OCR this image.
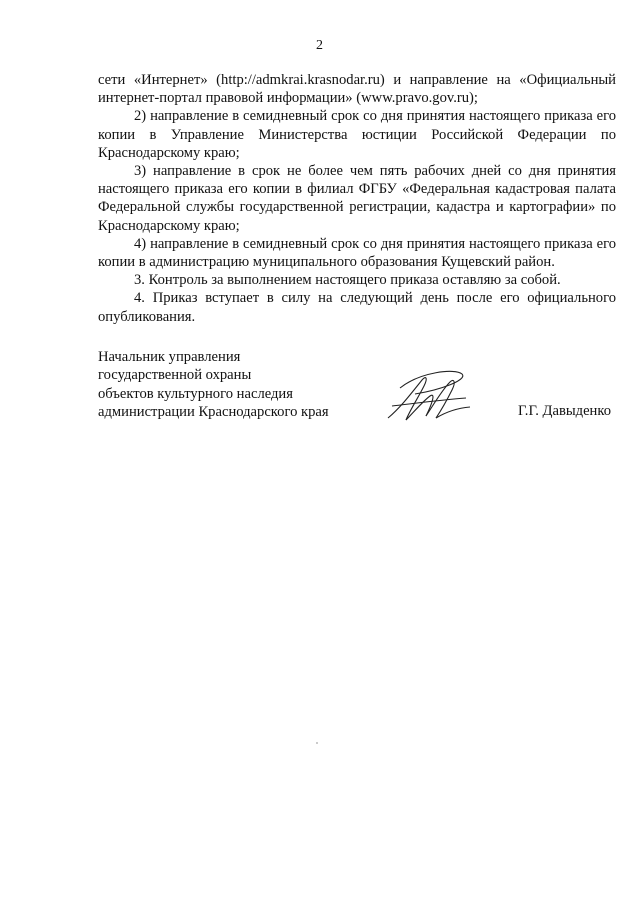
2

сети «Интернет» (http://admkrai.krasnodar.ru) и направление на «Официальный интернет-портал правовой информации» (www.pravo.gov.ru);

2) направление в семидневный срок со дня принятия настоящего приказа его копии в Управление Министерства юстиции Российской Федерации по Краснодарскому краю;

3) направление в срок не более чем пять рабочих дней со дня принятия настоящего приказа его копии в филиал ФГБУ «Федеральная кадастровая палата Федеральной службы государственной регистрации, кадастра и картографии» по Краснодарскому краю;

4) направление в семидневный срок со дня принятия настоящего приказа его копии в администрацию муниципального образования Кущевский район.

3. Контроль за выполнением настоящего приказа оставляю за собой.

4. Приказ вступает в силу на следующий день после его официального опубликования.

Начальник управления
государственной охраны
объектов культурного наследия
администрации Краснодарского края	Г.Г. Давыденко
